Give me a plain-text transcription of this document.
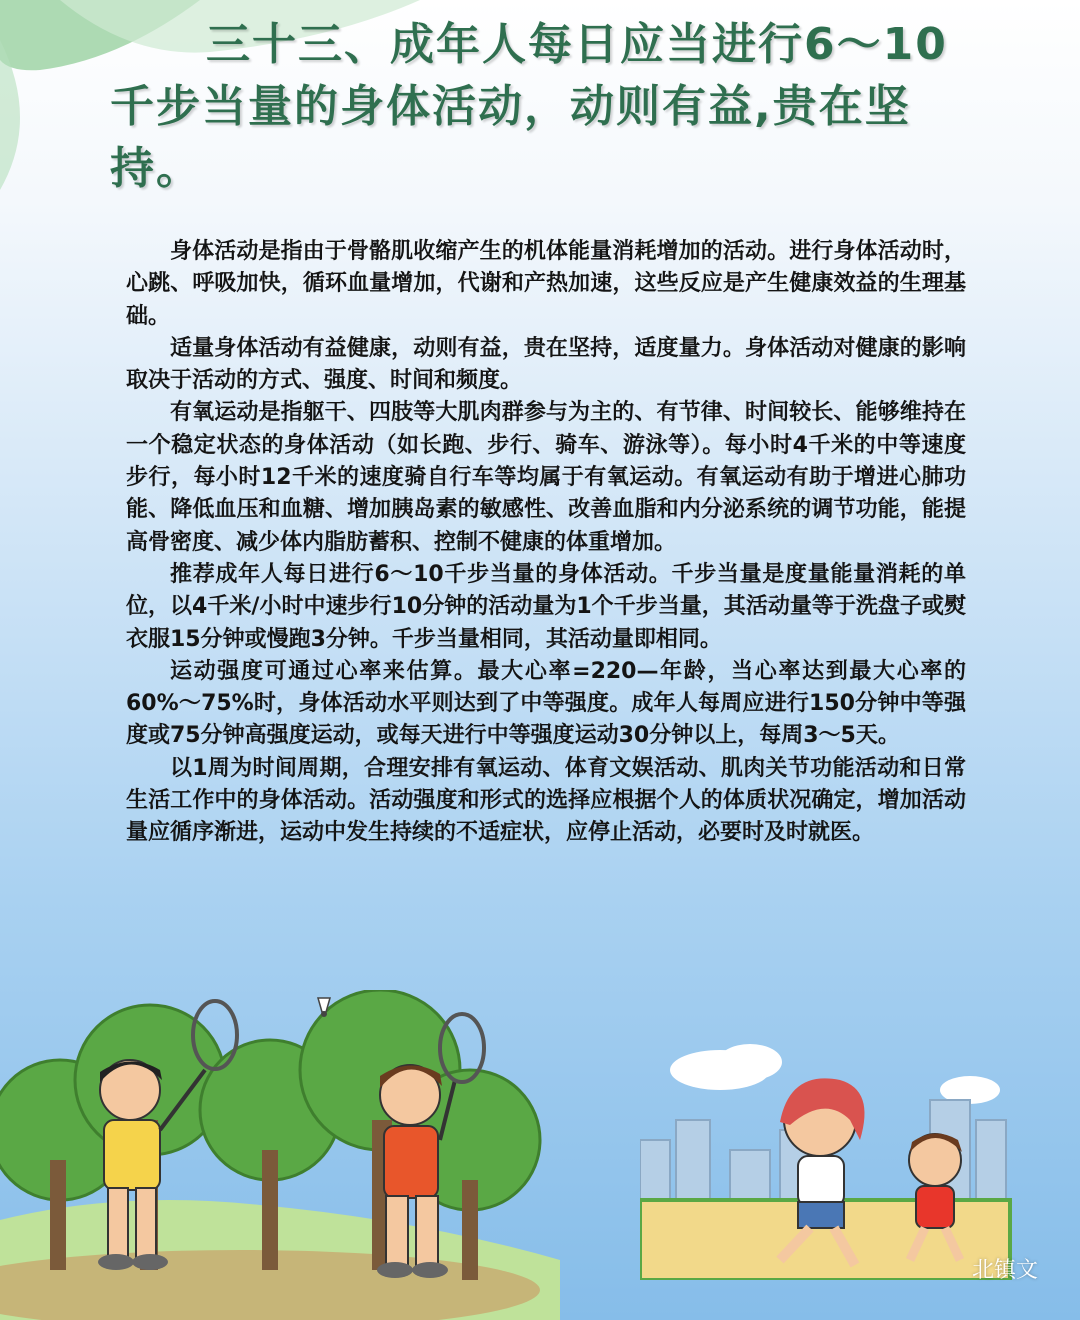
三十三、成年人每日应当进行6～10千步当量的身体活动，动则有益,贵在坚持。

身体活动是指由于骨骼肌收缩产生的机体能量消耗增加的活动。进行身体活动时，心跳、呼吸加快，循环血量增加，代谢和产热加速，这些反应是产生健康效益的生理基础。

适量身体活动有益健康，动则有益，贵在坚持，适度量力。身体活动对健康的影响取决于活动的方式、强度、时间和频度。

有氧运动是指躯干、四肢等大肌肉群参与为主的、有节律、时间较长、能够维持在一个稳定状态的身体活动（如长跑、步行、骑车、游泳等）。每小时4千米的中等速度步行，每小时12千米的速度骑自行车等均属于有氧运动。有氧运动有助于增进心肺功能、降低血压和血糖、增加胰岛素的敏感性、改善血脂和内分泌系统的调节功能，能提高骨密度、减少体内脂肪蓄积、控制不健康的体重增加。

推荐成年人每日进行6～10千步当量的身体活动。千步当量是度量能量消耗的单位，以4千米/小时中速步行10分钟的活动量为1个千步当量，其活动量等于洗盘子或熨衣服15分钟或慢跑3分钟。千步当量相同，其活动量即相同。

运动强度可通过心率来估算。最大心率=220—年龄，当心率达到最大心率的60%～75%时，身体活动水平则达到了中等强度。成年人每周应进行150分钟中等强度或75分钟高强度运动，或每天进行中等强度运动30分钟以上，每周3～5天。

以1周为时间周期，合理安排有氧运动、体育文娱活动、肌肉关节功能活动和日常生活工作中的身体活动。活动强度和形式的选择应根据个人的体质状况确定，增加活动量应循序渐进，运动中发生持续的不适症状，应停止活动，必要时及时就医。

北镇文
